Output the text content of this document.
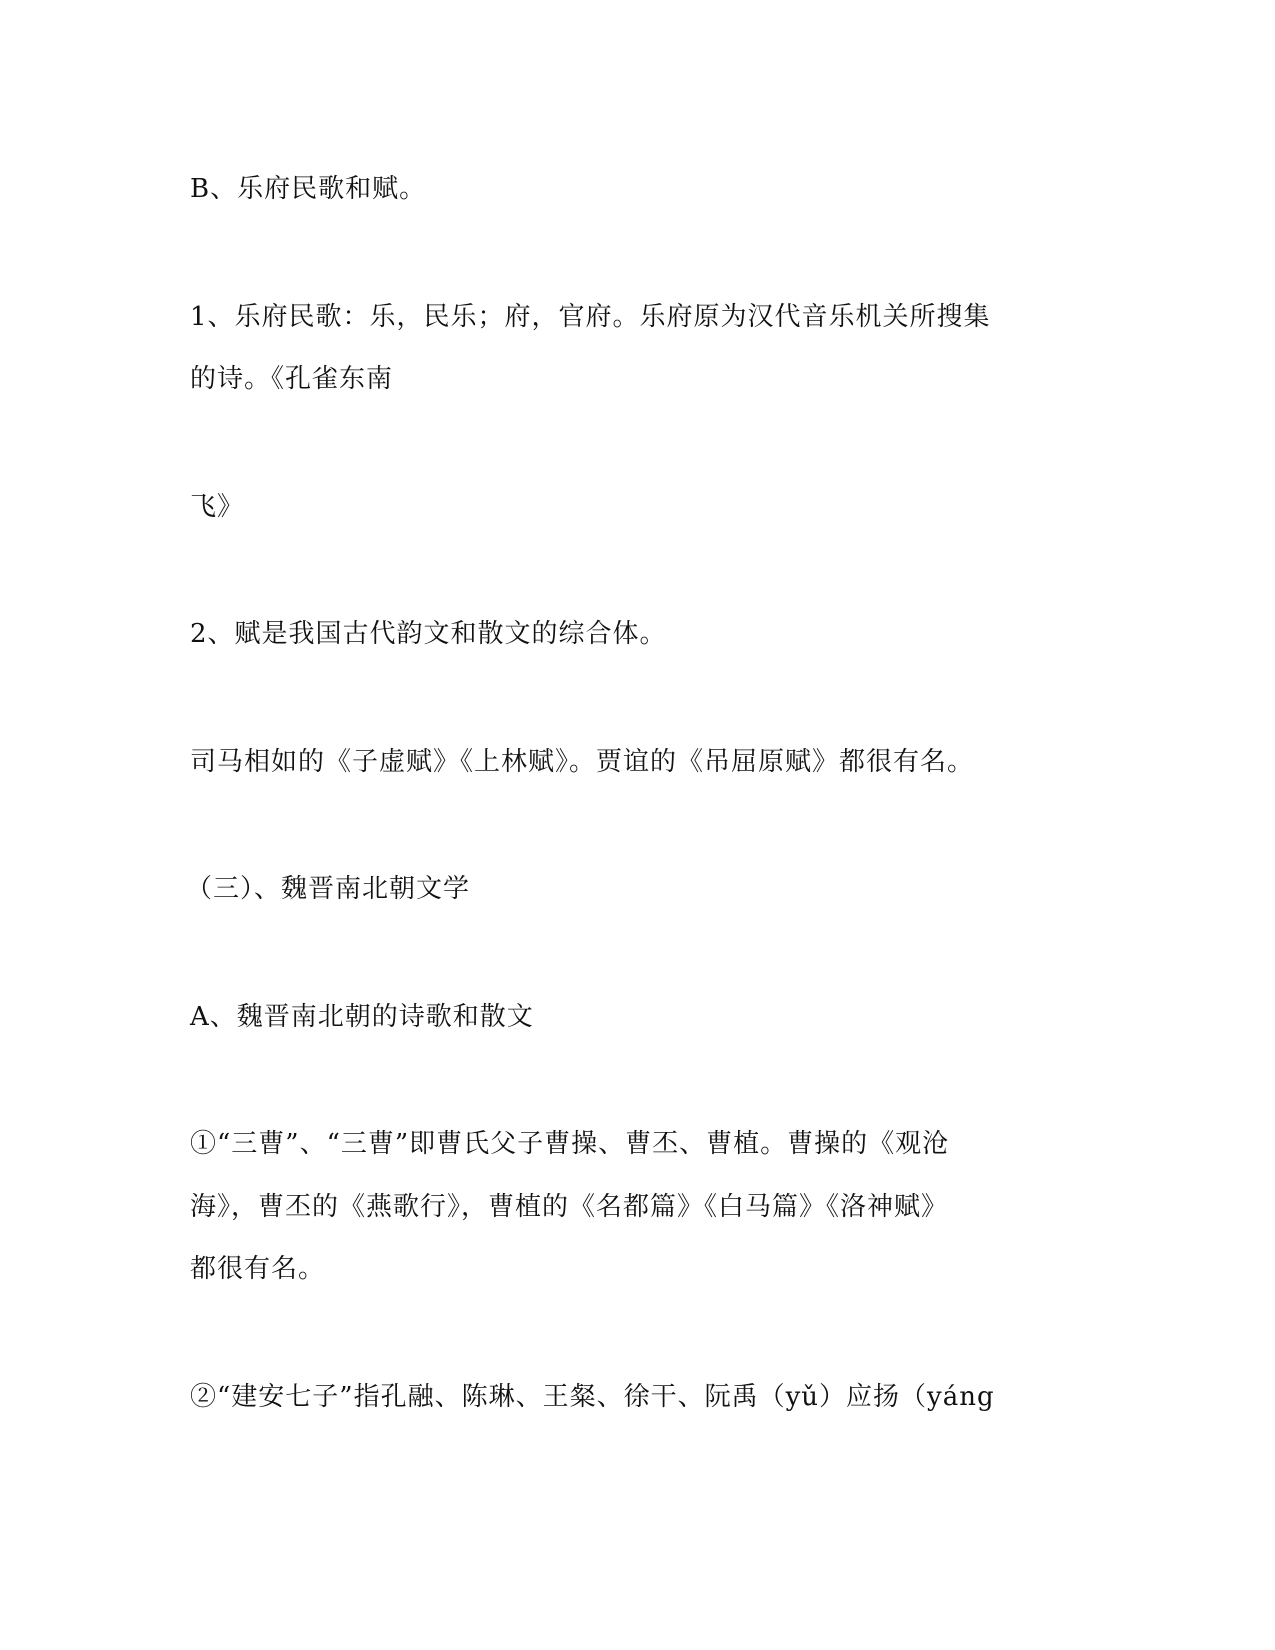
B、乐府民歌和赋。
1、乐府民歌：乐，民乐；府，官府。乐府原为汉代音乐机关所搜集
的诗。《孔雀东南
飞》
2、赋是我国古代韵文和散文的综合体。
司马相如的《子虚赋》《上林赋》。贾谊的《吊屈原赋》都很有名。
（三）、魏晋南北朝文学
A、魏晋南北朝的诗歌和散文
①“三曹”、“三曹”即曹氏父子曹操、曹丕、曹植。曹操的《观沧
海》，曹丕的《燕歌行》，曹植的《名都篇》《白马篇》《洛神赋》
都很有名。
②“建安七子”指孔融、陈琳、王粲、徐干、阮禹（yǔ）应扬（yáng
